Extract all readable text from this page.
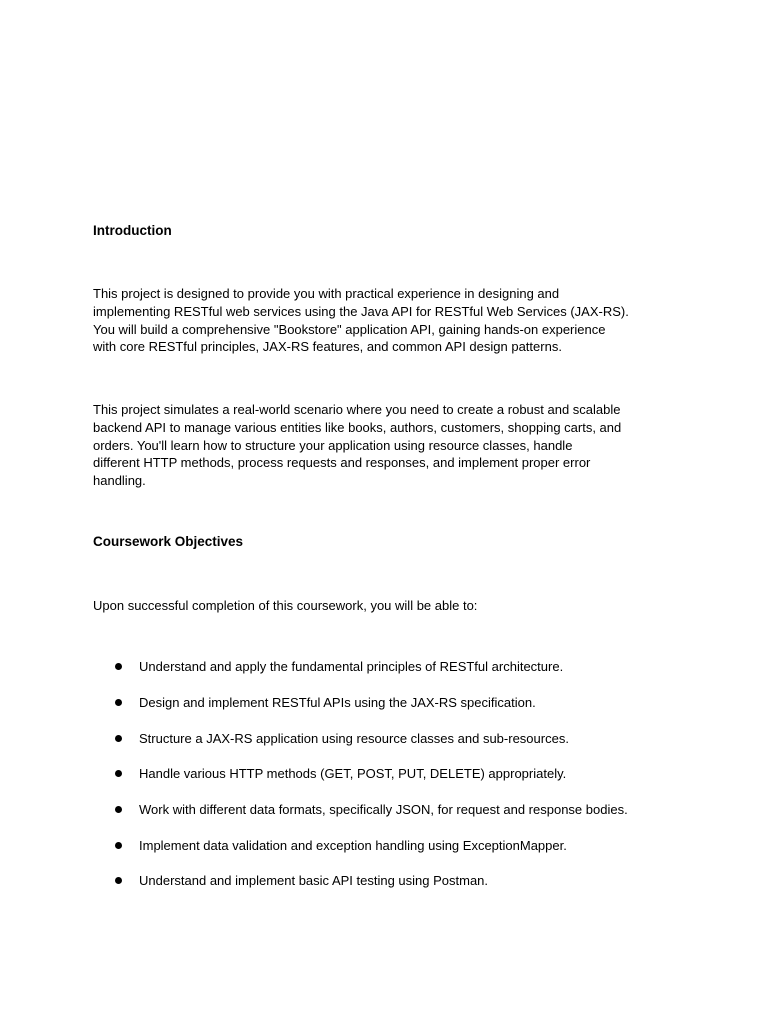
Introduction

This project is designed to provide you with practical experience in designing and
implementing RESTful web services using the Java API for RESTful Web Services (JAX-RS).
You will build a comprehensive "Bookstore" application API, gaining hands-on experience
with core RESTful principles, JAX-RS features, and common API design patterns.

This project simulates a real-world scenario where you need to create a robust and scalable
backend API to manage various entities like books, authors, customers, shopping carts, and
orders. You'll learn how to structure your application using resource classes, handle
different HTTP methods, process requests and responses, and implement proper error
handling.

Coursework Objectives

Upon successful completion of this coursework, you will be able to:

Understand and apply the fundamental principles of RESTful architecture.
Design and implement RESTful APIs using the JAX-RS specification.
Structure a JAX-RS application using resource classes and sub-resources.
Handle various HTTP methods (GET, POST, PUT, DELETE) appropriately.
Work with different data formats, specifically JSON, for request and response bodies.
Implement data validation and exception handling using ExceptionMapper.
Understand and implement basic API testing using Postman.
